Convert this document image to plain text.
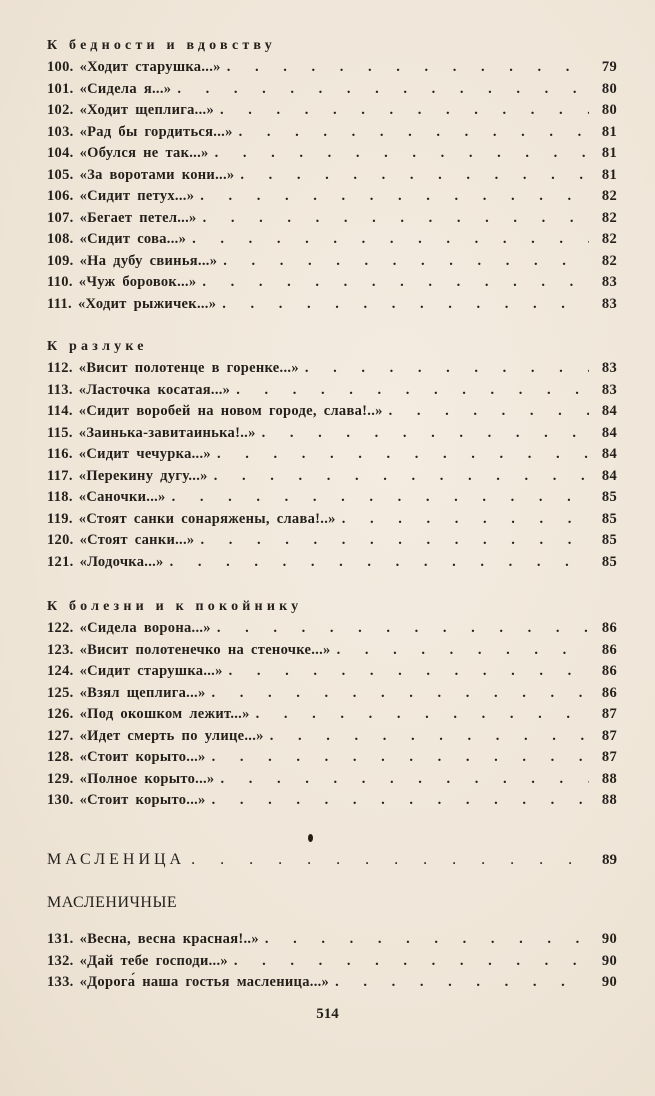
К бедности и вдовству
100. «Ходит старушка...» . . .	79
101. «Сидела я...» . . .	80
102. «Ходит щеплига...» . . .	80
103. «Рад бы гордиться...» . . .	81
104. «Обулся не так...» . . .	81
105. «За воротами кони...» . . .	81
106. «Сидит петух...» . . .	82
107. «Бегает петел...» . . .	82
108. «Сидит сова...» . . .	82
109. «На дубу свинья...» . . .	82
110. «Чуж боровок...» . . .	83
111. «Ходит рыжичек...» . . .	83
К разлуке
112. «Висит полотенце в горенке...» . . .	83
113. «Ласточка косатая...» . . .	83
114. «Сидит воробей на новом городе, слава!..» . . .	84
115. «Заинька-завитаинька!..» . . .	84
116. «Сидит чечурка...» . . .	84
117. «Перекину дугу...» . . .	84
118. «Саночки...» . . .	85
119. «Стоят санки сонаряжены, слава!..» . . .	85
120. «Стоят санки...» . . .	85
121. «Лодочка...» . . .	85
К болезни и к покойнику
122. «Сидела ворона...» . . .	86
123. «Висит полотенечко на стеночке...» . . .	86
124. «Сидит старушка...» . . .	86
125. «Взял щеплига...» . . .	86
126. «Под окошком лежит...» . . .	87
127. «Идет смерть по улице...» . . .	87
128. «Стоит корыто...» . . .	87
129. «Полное корыто...» . . .	88
130. «Стоит корыто...» . . .	88
МАСЛЕНИЦА . . .	89
МАСЛЕНИЧНЫЕ
131. «Весна, весна красная!..» . . .	90
132. «Дай тебе господи...» . . .	90
133. «Дорога́ наша гостья масленица...» . . .	90
514
